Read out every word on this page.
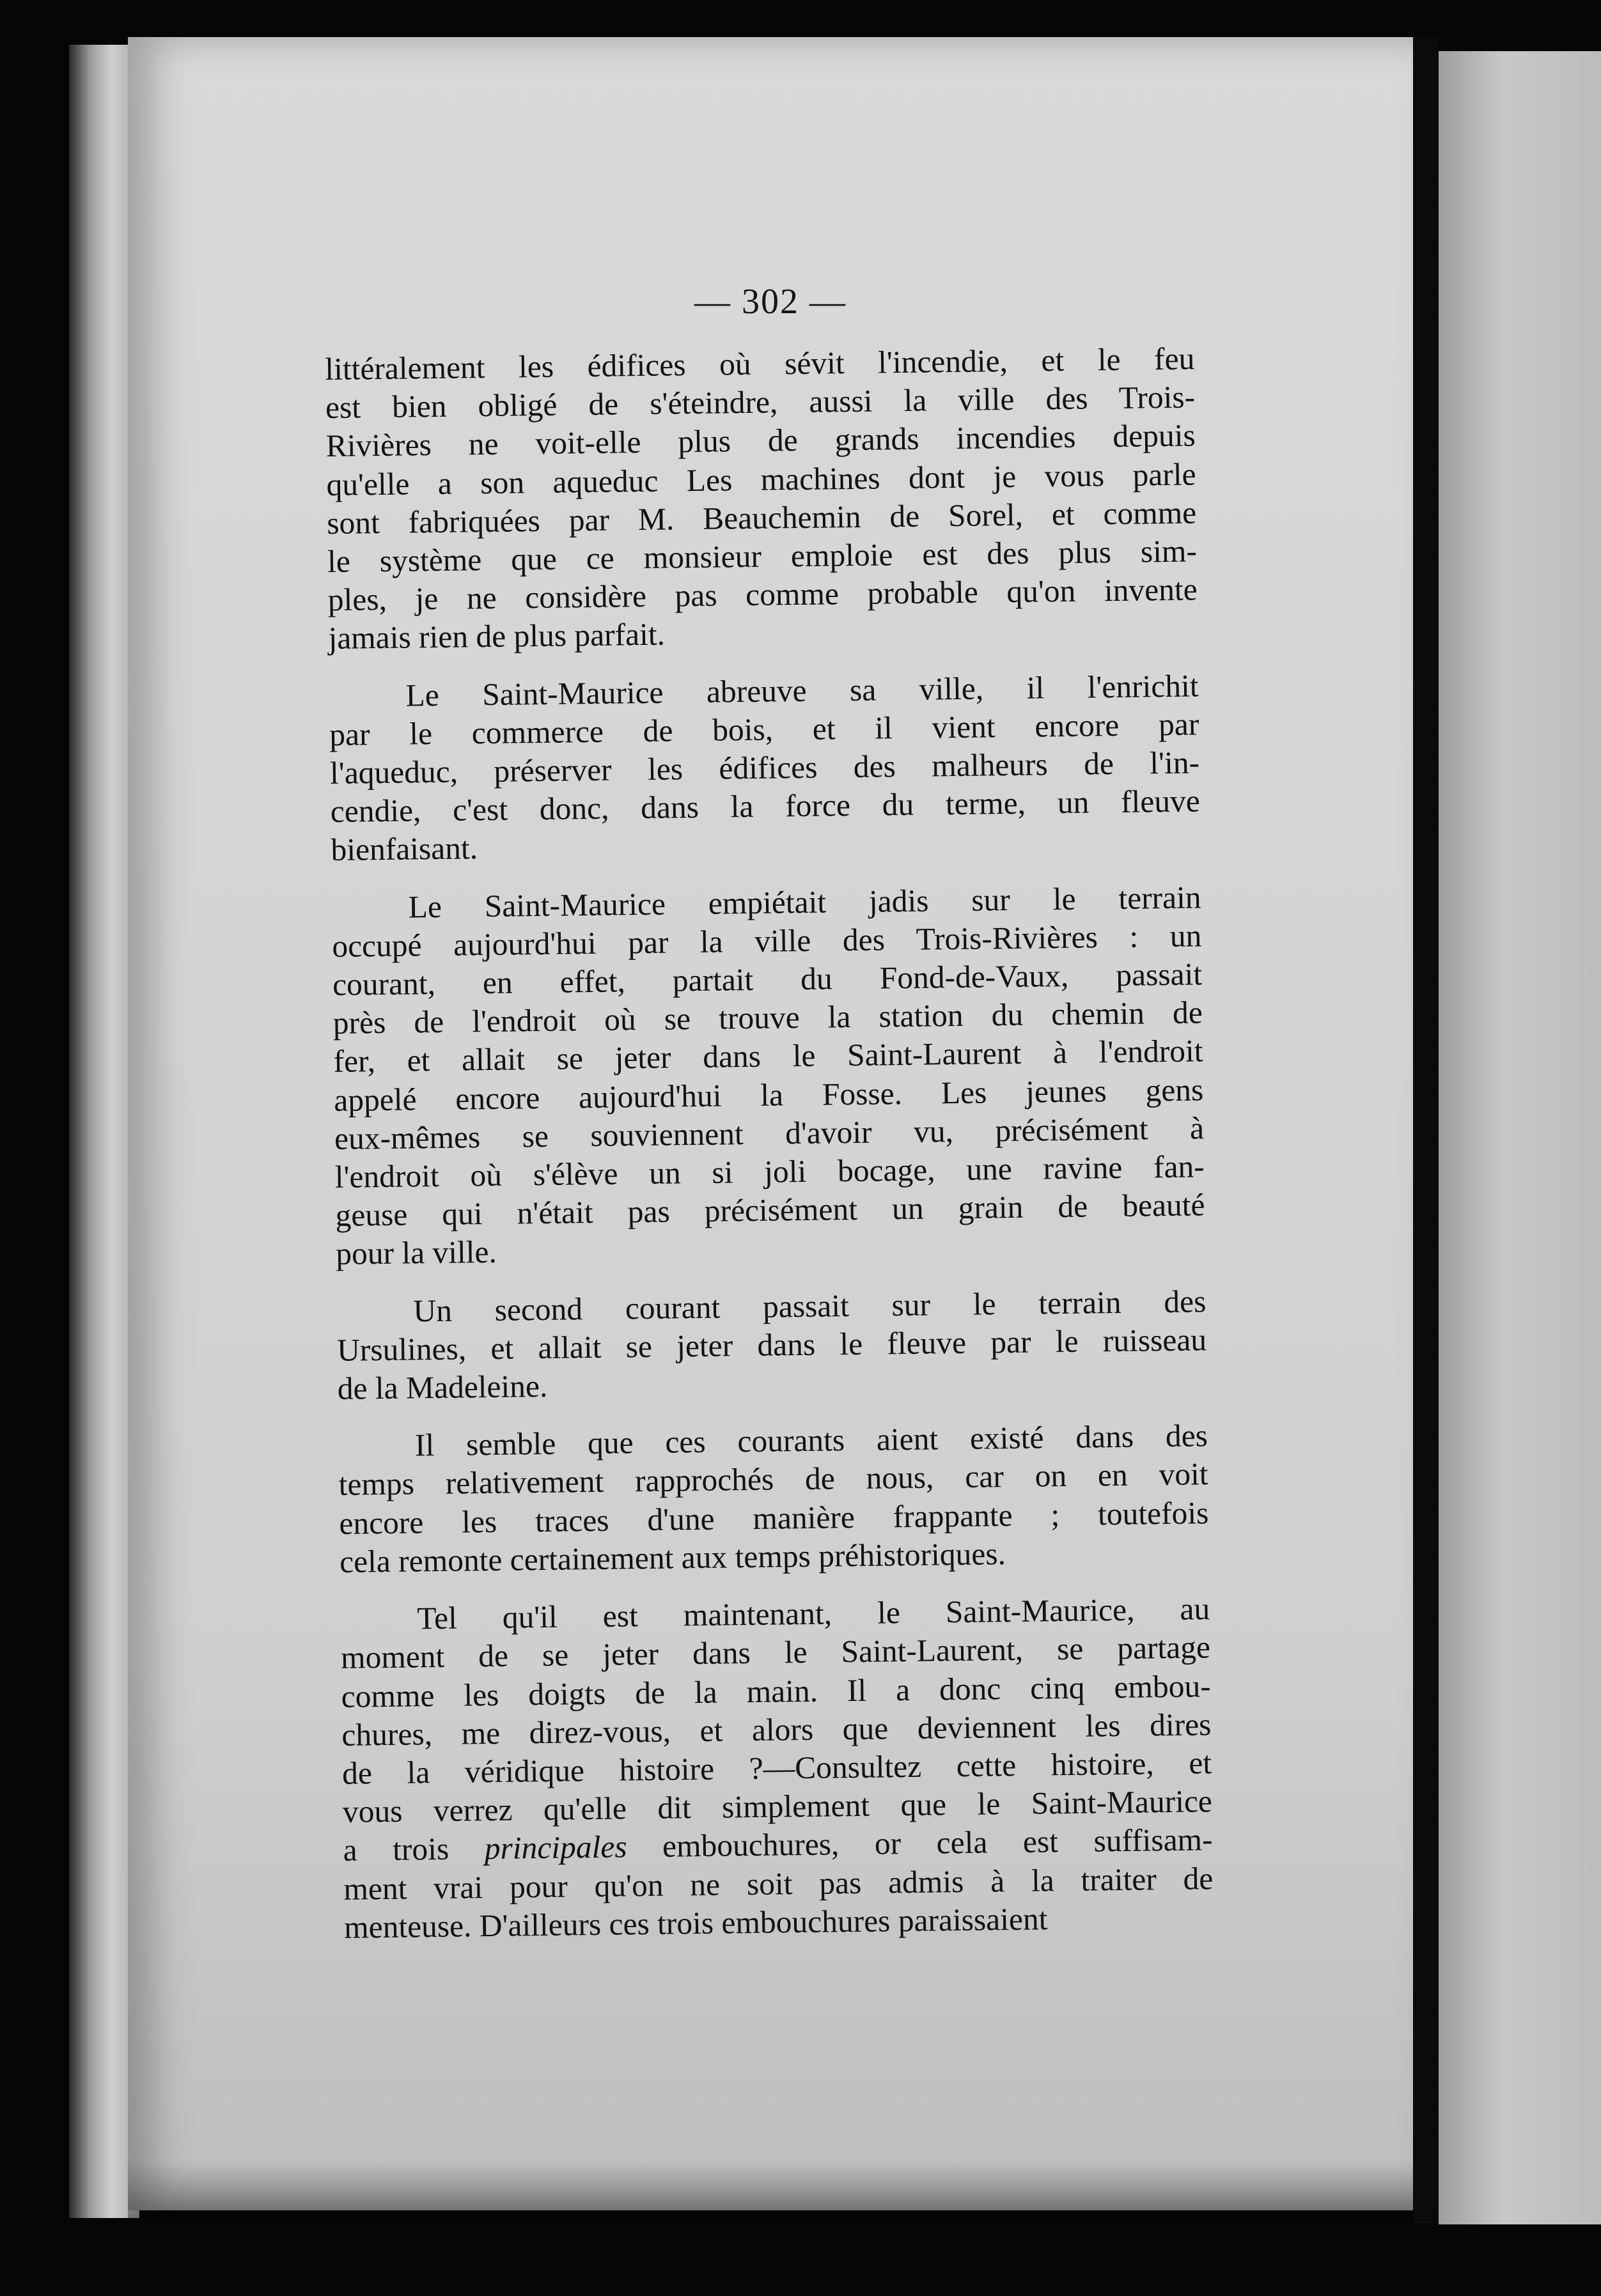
— 302 —
littéralement les édifices où sévit l'incendie, et le feu
est bien obligé de s'éteindre, aussi la ville des Trois-
Rivières ne voit-elle plus de grands incendies depuis
qu'elle a son aqueduc Les machines dont je vous parle
sont fabriquées par M. Beauchemin de Sorel, et comme
le système que ce monsieur emploie est des plus sim-
ples, je ne considère pas comme probable qu'on invente
jamais rien de plus parfait.
Le Saint-Maurice abreuve sa ville, il l'enrichit
par le commerce de bois, et il vient encore par
l'aqueduc, préserver les édifices des malheurs de l'in-
cendie, c'est donc, dans la force du terme, un fleuve
bienfaisant.
Le Saint-Maurice empiétait jadis sur le terrain
occupé aujourd'hui par la ville des Trois-Rivières : un
courant, en effet, partait du Fond-de-Vaux, passait
près de l'endroit où se trouve la station du chemin de
fer, et allait se jeter dans le Saint-Laurent à l'endroit
appelé encore aujourd'hui la Fosse. Les jeunes gens
eux-mêmes se souviennent d'avoir vu, précisément à
l'endroit où s'élève un si joli bocage, une ravine fan-
geuse qui n'était pas précisément un grain de beauté
pour la ville.
Un second courant passait sur le terrain des
Ursulines, et allait se jeter dans le fleuve par le ruisseau
de la Madeleine.
Il semble que ces courants aient existé dans des
temps relativement rapprochés de nous, car on en voit
encore les traces d'une manière frappante ; toutefois
cela remonte certainement aux temps préhistoriques.
Tel qu'il est maintenant, le Saint-Maurice, au
moment de se jeter dans le Saint-Laurent, se partage
comme les doigts de la main. Il a donc cinq embou-
chures, me direz-vous, et alors que deviennent les dires
de la véridique histoire ?—Consultez cette histoire, et
vous verrez qu'elle dit simplement que le Saint-Maurice
a trois principales embouchures, or cela est suffisam-
ment vrai pour qu'on ne soit pas admis à la traiter de
menteuse. D'ailleurs ces trois embouchures paraissaient
